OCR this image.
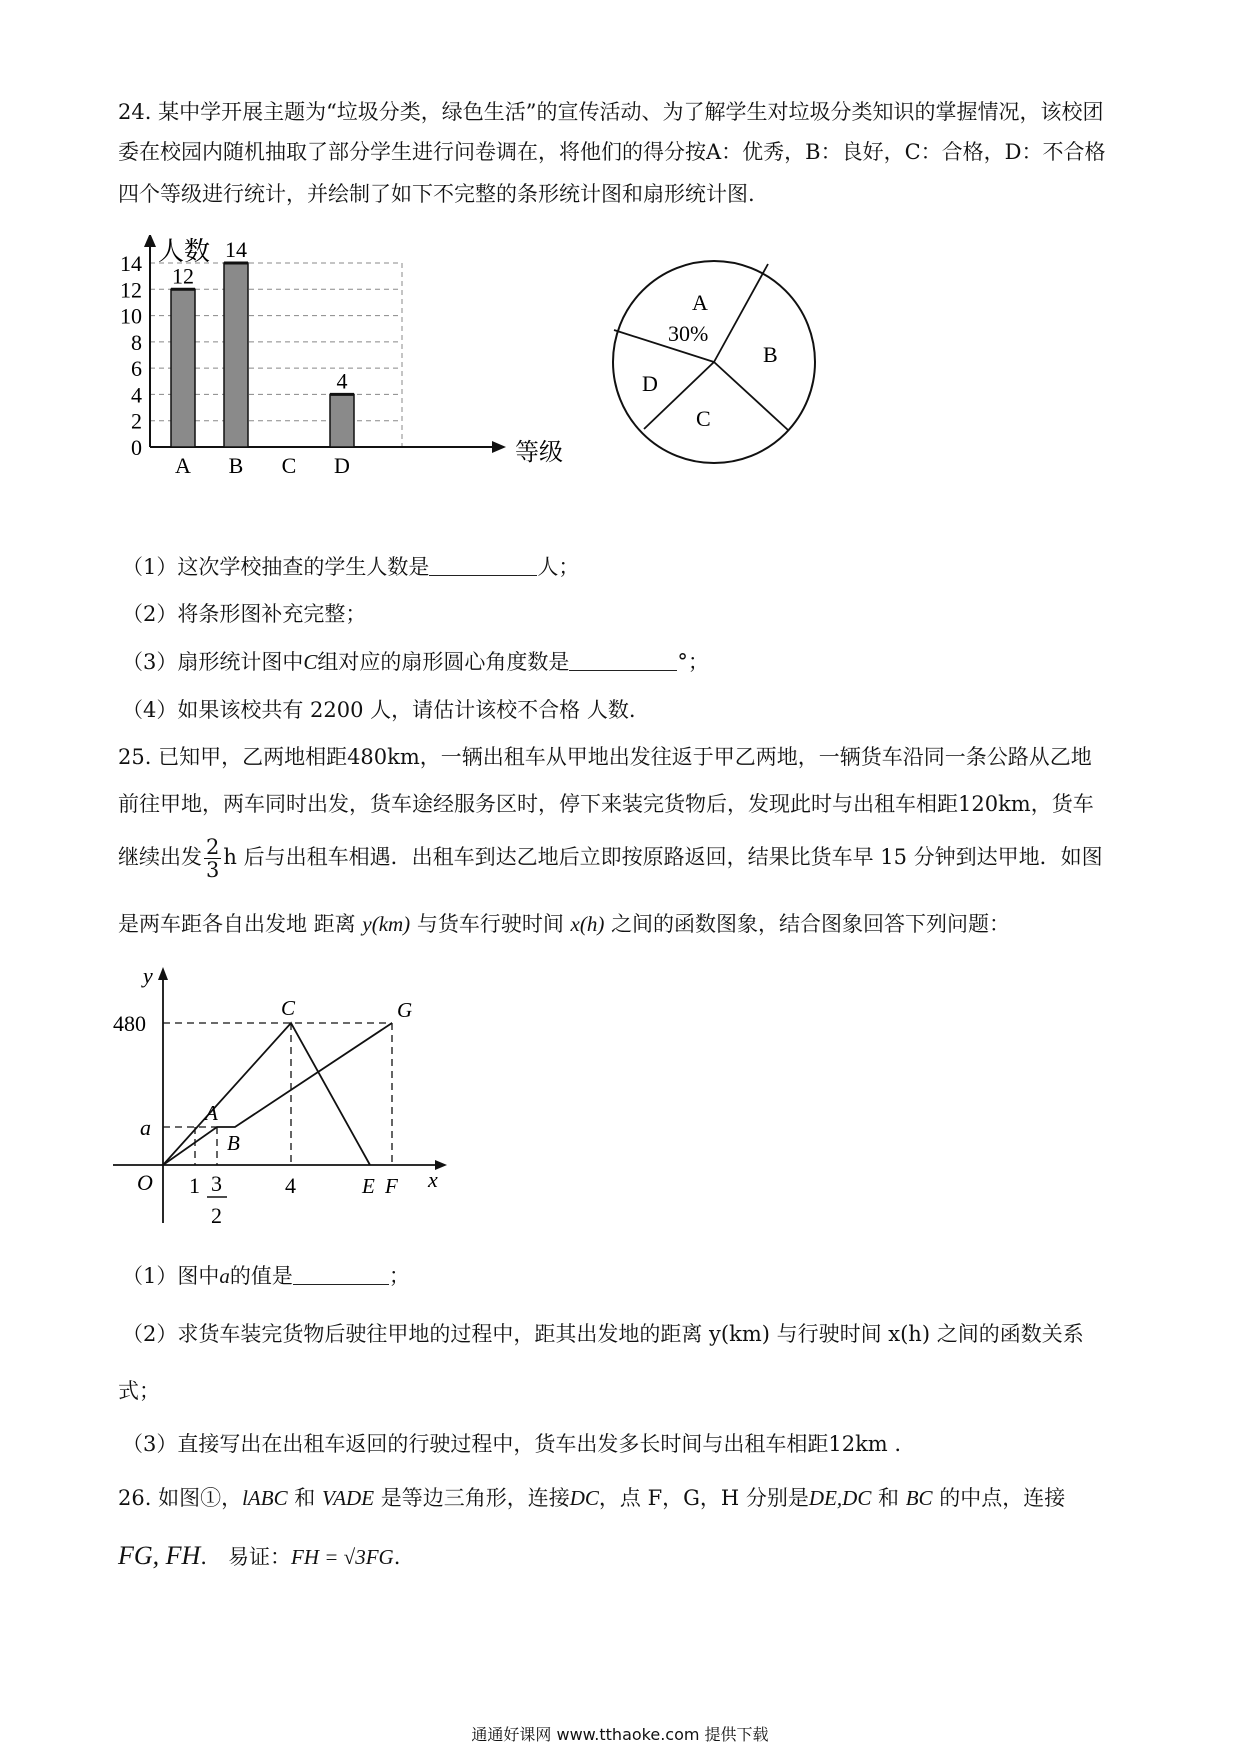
24. 某中学开展主题为“垃圾分类，绿色生活”的宣传活动、为了解学生对垃圾分类知识的掌握情况，该校团
委在校园内随机抽取了部分学生进行问卷调在，将他们的得分按A：优秀，B：良好，C：合格，D：不合格
四个等级进行统计，并绘制了如下不完整的条形统计图和扇形统计图.
0
2
4
6
8
10
12
14
A B C D
12
14
4
人数
等级
A
30%
B
C
D
（1）这次学校抽查的学生人数是	人；
（2）将条形图补充完整；
（3）扇形统计图中C组对应的扇形圆心角度数是	°；
（4）如果该校共有 2200 人，请估计该校不合格 人数.
25. 已知甲，乙两地相距480km，一辆出租车从甲地出发往返于甲乙两地，一辆货车沿同一条公路从乙地
前往甲地，两车同时出发，货车途经服务区时，停下来装完货物后，发现此时与出租车相距120km，货车
继续出发 $\frac{2}{3}$ h 后与出租车相遇．出租车到达乙地后立即按原路返回，结果比货车早 15 分钟到达甲地．如图
是两车距各自出发地 距离 y(km) 与货车行驶时间 x(h) 之间的函数图象，结合图象回答下列问题：
y
x
O
480
a
1 3
2
4
A
B
C	G
E F
（1）图中a的值是	；
（2）求货车装完货物后驶往甲地的过程中，距其出发地的距离 y(km) 与行驶时间 x(h) 之间的函数关系
式；
（3）直接写出在出租车返回的行驶过程中，货车出发多长时间与出租车相距12km .
26. 如图①，lABC 和 VADE 是等边三角形，连接DC，点 F，G，H 分别是DE,DC 和 BC 的中点，连接
FG, FH． 易证：FH = √3FG.
通通好课网 www.tthaoke.com 提供下载
